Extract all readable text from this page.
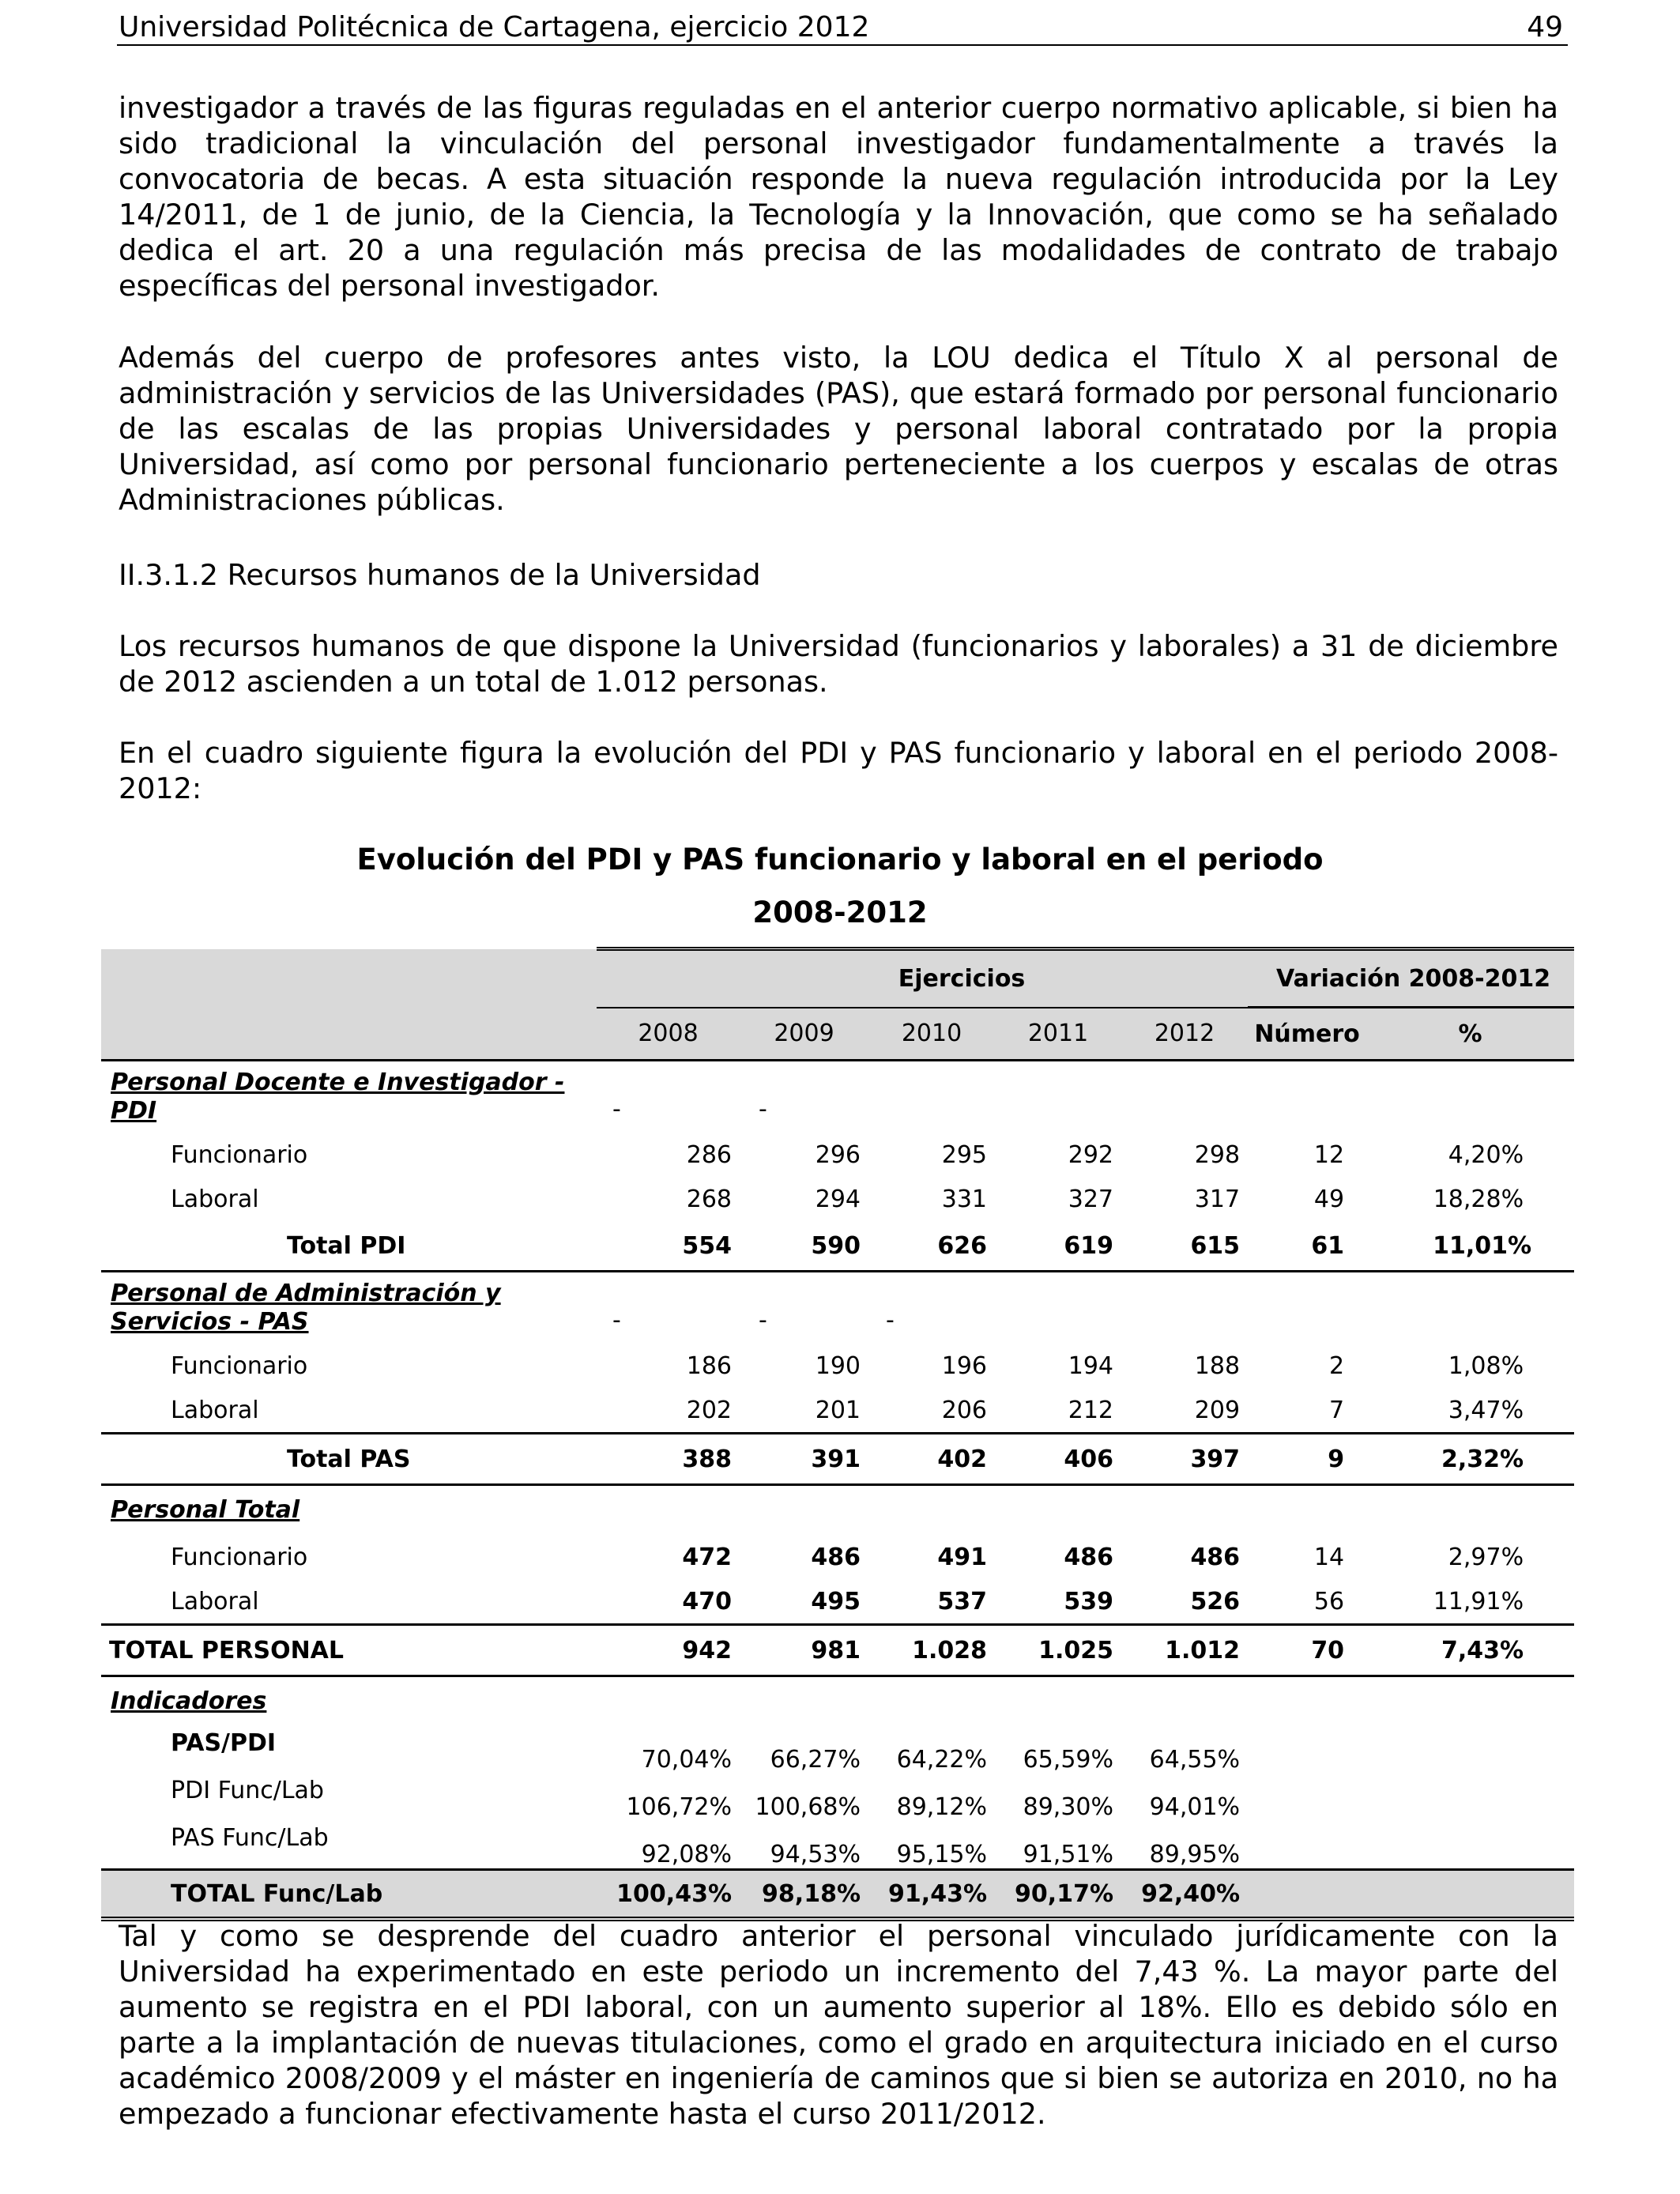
Universidad Politécnica de Cartagena, ejercicio 2012	49

investigador a través de las figuras reguladas en el anterior cuerpo normativo aplicable, si bien ha sido tradicional la vinculación del personal investigador fundamentalmente a través la convocatoria de becas. A esta situación responde la nueva regulación introducida por la Ley 14/2011, de 1 de junio, de la Ciencia, la Tecnología y la Innovación, que como se ha señalado dedica el art. 20 a una regulación más precisa de las modalidades de contrato de trabajo específicas del personal investigador.

Además del cuerpo de profesores antes visto, la LOU dedica el Título X al personal de administración y servicios de las Universidades (PAS), que estará formado por personal funcionario de las escalas de las propias Universidades y personal laboral contratado por la propia Universidad, así como por personal funcionario perteneciente a los cuerpos y escalas de otras Administraciones públicas.

II.3.1.2 Recursos humanos de la Universidad

Los recursos humanos de que dispone la Universidad (funcionarios y laborales) a 31 de diciembre de 2012 ascienden a un total de 1.012 personas.

En el cuadro siguiente figura la evolución del PDI y PAS funcionario y laboral en el periodo 2008-2012:

Evolución del PDI y PAS funcionario y laboral en el periodo
2008-2012
	Ejercicios					Variación 2008-2012	
	2008	2009	2010	2011	2012	Número	%
Personal Docente e Investigador - PDI	-	-					
Funcionario	286	296	295	292	298	12	4,20%
Laboral	268	294	331	327	317	49	18,28%
Total PDI	554	590	626	619	615	61	11,01%
Personal de Administración y Servicios - PAS	-	-	-				
Funcionario	186	190	196	194	188	2	1,08%
Laboral	202	201	206	212	209	7	3,47%
Total PAS	388	391	402	406	397	9	2,32%
Personal Total							
Funcionario	472	486	491	486	486	14	2,97%
Laboral	470	495	537	539	526	56	11,91%
TOTAL PERSONAL	942	981	1.028	1.025	1.012	70	7,43%
Indicadores							
PAS/PDI	70,04%	66,27%	64,22%	65,59%	64,55%		
PDI Func/Lab	106,72%	100,68%	89,12%	89,30%	94,01%		
PAS Func/Lab	92,08%	94,53%	95,15%	91,51%	89,95%		
TOTAL Func/Lab	100,43%	98,18%	91,43%	90,17%	92,40%		

Tal y como se desprende del cuadro anterior el personal vinculado jurídicamente con la Universidad ha experimentado en este periodo un incremento del 7,43 %. La mayor parte del aumento se registra en el PDI laboral, con un aumento superior al 18%. Ello es debido sólo en parte a la implantación de nuevas titulaciones, como el grado en arquitectura iniciado en el curso académico 2008/2009 y el máster en ingeniería de caminos que si bien se autoriza en 2010, no ha empezado a funcionar efectivamente hasta el curso 2011/2012.
